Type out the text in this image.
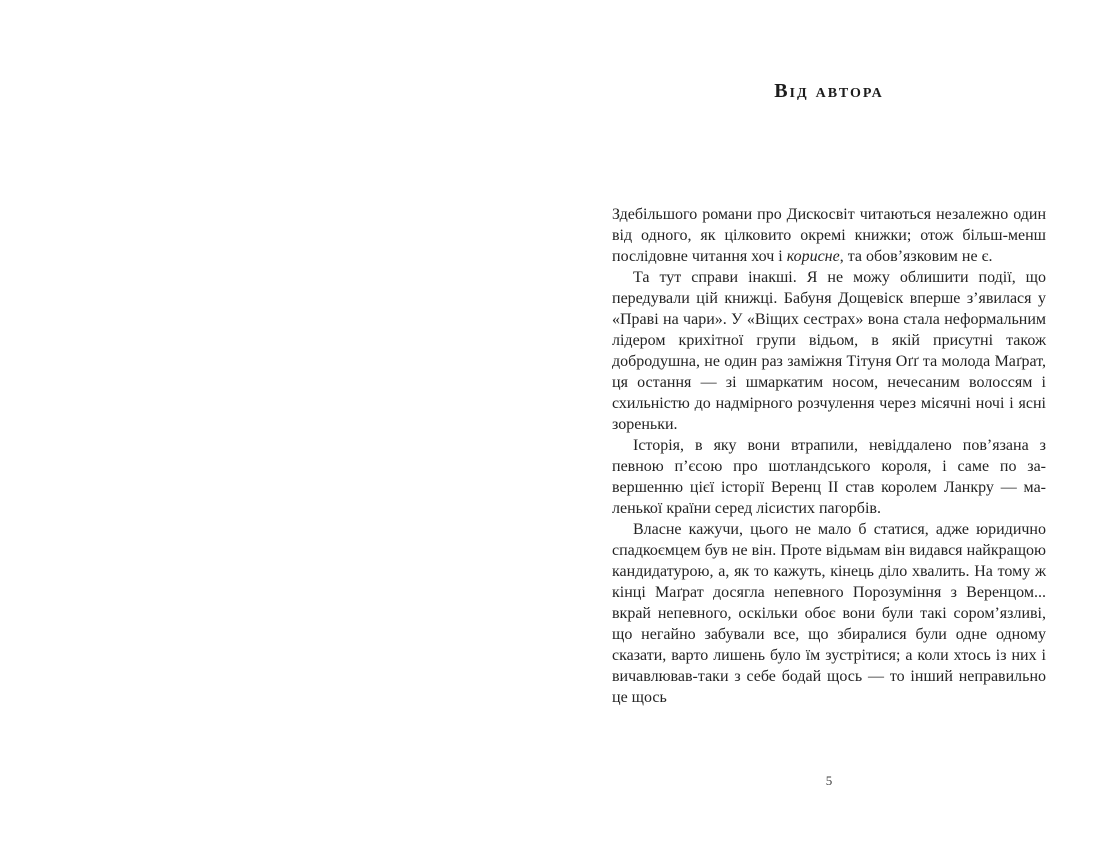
Від автора

Здебільшого романи про Дискосвіт читаються незалежно один від одного, як цілковито окремі книжки; отож більш-менш послідовне читання хоч і корисне, та обов’язковим не є.

Та тут справи інакші. Я не можу облишити події, що передували цій книжці. Бабуня Дощевіск вперше з’явилася у «Праві на чари». У «Віщих сестрах» вона стала неформальним лідером крихітної групи відьом, в якій присутні також добродушна, не один раз заміжня Тітуня Оґґ та молода Маґрат, ця остання — зі шмаркатим носом, нечесаним волоссям і схильністю до надмірного розчулення через місячні ночі і ясні зореньки.

Історія, в яку вони втрапили, невіддалено пов’язана з певною п’єсою про шотландського короля, і саме по завершенню цієї історії Веренц II став королем Ланкру — маленької країни серед лісистих пагорбів.

Власне кажучи, цього не мало б статися, адже юридично спадкоємцем був не він. Проте відьмам він видався найкращою кандидатурою, а, як то кажуть, кінець діло хвалить. На тому ж кінці Маґрат досягла непевного Порозуміння з Веренцом... вкрай непевного, оскільки обоє вони були такі сором’язливі, що негайно забували все, що збиралися були одне одному сказати, варто лишень було їм зустрітися; а коли хтось із них і вичавлював-таки з себе бодай щось — то інший неправильно це щось

5
